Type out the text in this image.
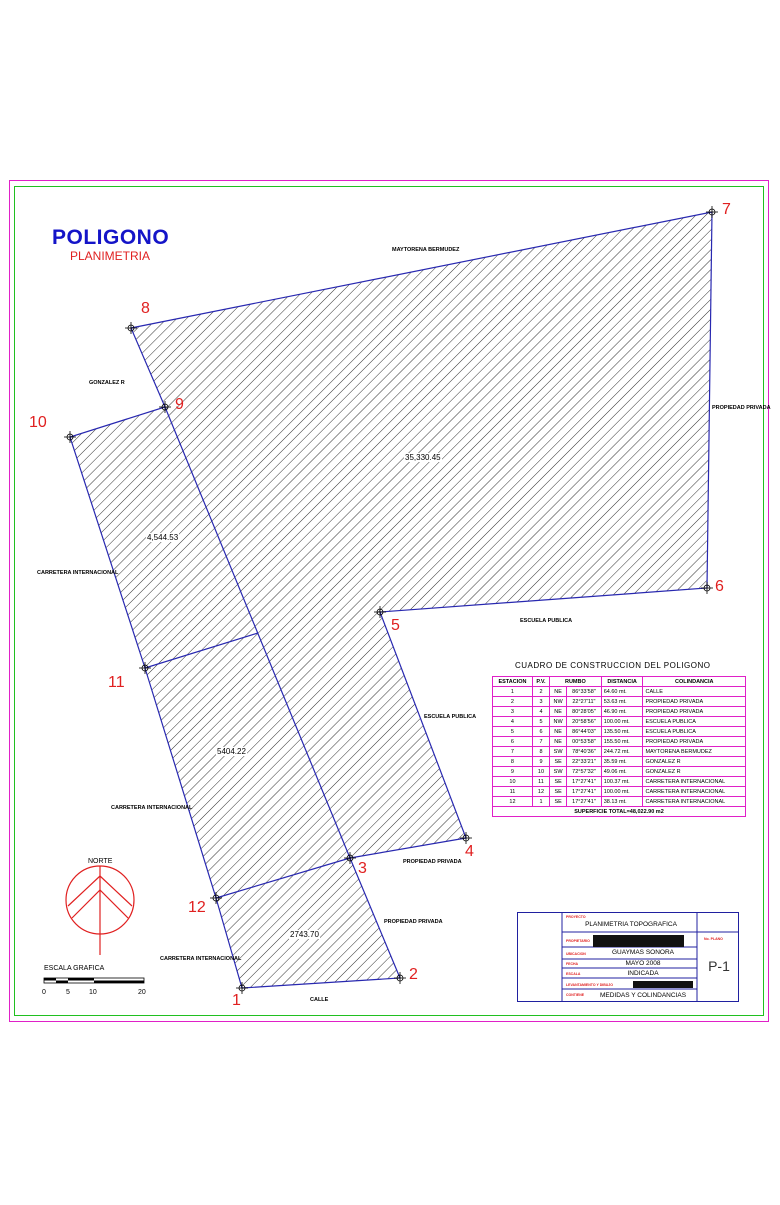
POLIGONO
PLANIMETRIA
1
2
3
4
5
6
7
8
9
10
11
12
35,330.45
4,544.53
5404.22
2743.70
MAYTORENA BERMUDEZ
PROPIEDAD PRIVADA
ESCUELA PUBLICA
ESCUELA PUBLICA
GONZALEZ R
CARRETERA INTERNACIONAL
CARRETERA INTERNACIONAL
CARRETERA INTERNACIONAL
PROPIEDAD PRIVADA
PROPIEDAD PRIVADA
CALLE
CUADRO DE CONSTRUCCION DEL POLIGONO
ESTACION	P.V.	RUMBO		DISTANCIA	COLINDANCIA
1	2	NE	86°33'58"	64.60 mt.	CALLE
2	3	NW	22°27'11"	53.63 mt.	PROPIEDAD PRIVADA
3	4	NE	80°28'05"	46.90 mt.	PROPIEDAD PRIVADA
4	5	NW	20°58'56"	100.00 mt.	ESCUELA PUBLICA
5	6	NE	86°44'03"	135.50 mt.	ESCUELA PUBLICA
6	7	NE	00°53'58"	155.50 mt.	PROPIEDAD PRIVADA
7	8	SW	78°40'36"	244.72 mt.	MAYTORENA BERMUDEZ
8	9	SE	22°33'21"	35.59 mt.	GONZALEZ R
9	10	SW	72°57'32"	49.06 mt.	GONZALEZ R
10	11	SE	17°27'41"	100.37 mt.	CARRETERA INTERNACIONAL
11	12	SE	17°27'41"	100.00 mt.	CARRETERA INTERNACIONAL
12	1	SE	17°27'41"	38.13 mt.	CARRETERA INTERNACIONAL
SUPERFICIE TOTAL=48,022.90 m2					
PROYECTO
PLANIMETRIA TOPOGRAFICA
PROPIETARIO
UBICACION	GUAYMAS SONORA
FECHA	MAYO 2008
ESCALA	INDICADA
LEVANTAMIENTO Y DIBUJO
CONTIENE	MEDIDAS Y COLINDANCIAS
No. PLANO
P-1
NORTE
ESCALA GRAFICA
0	5	10	20
